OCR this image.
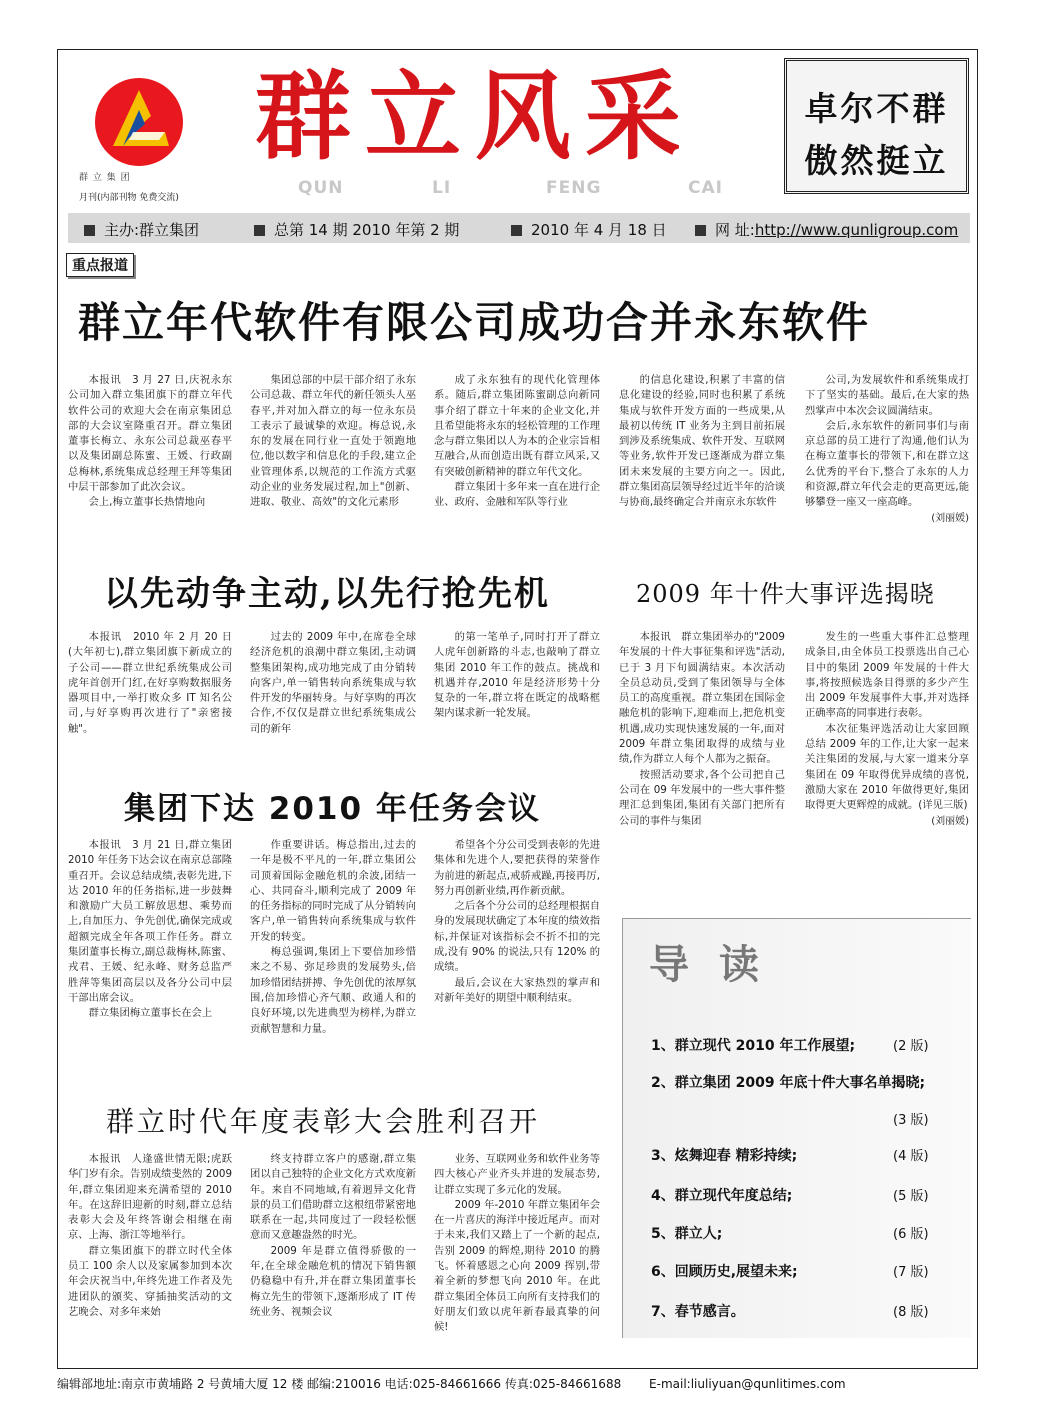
群 立 集 团
月刊(内部刊物 免费交流)
群立风采
QUN	LI	FENG	CAI
卓尔不群
傲然挺立
主办:群立集团	总第 14 期 2010 年第 2 期	2010 年 4 月 18 日	网 址:http://www.qunligroup.com
重点报道
群立年代软件有限公司成功合并永东软件

本报讯　3 月 27 日,庆祝永东公司加入群立集团旗下的群立年代软件公司的欢迎大会在南京集团总部的大会议室隆重召开。群立集团董事长梅立、永东公司总裁巫春平以及集团副总陈蜜、王媛、行政副总梅林,系统集成总经理王拜等集团中层干部参加了此次会议。

会上,梅立董事长热情地向

集团总部的中层干部介绍了永东公司总裁、群立年代的新任领头人巫春平,并对加入群立的每一位永东员工表示了最诚挚的欢迎。梅总说,永东的发展在同行业一直处于领跑地位,他以数字和信息化的手段,建立企业管理体系,以规范的工作流方式驱动企业的业务发展过程,加上"创新、进取、敬业、高效"的文化元素形

成了永东独有的现代化管理体系。随后,群立集团陈蜜副总向新同事介绍了群立十年来的企业文化,并且希望能将永东的轻松管理的工作理念与群立集团以人为本的企业宗旨相互融合,从而创造出既有群立风采,又有突破创新精神的群立年代文化。

群立集团十多年来一直在进行企业、政府、金融和军队等行业

的信息化建设,积累了丰富的信息化建设的经验,同时也积累了系统集成与软件开发方面的一些成果,从最初以传统 IT 业务为主到目前拓展到涉及系统集成、软件开发、互联网等业务,软件开发已逐渐成为群立集团未来发展的主要方向之一。因此,群立集团高层领导经过近半年的洽谈与协商,最终确定合并南京永东软件

公司,为发展软件和系统集成打下了坚实的基础。最后,在大家的热烈掌声中本次会议圆满结束。

会后,永东软件的新同事们与南京总部的员工进行了沟通,他们认为在梅立董事长的带领下,和在群立这么优秀的平台下,整合了永东的人力和资源,群立年代会走的更高更远,能够攀登一座又一座高峰。

(刘丽媛)
以先动争主动,以先行抢先机

本报讯　2010 年 2 月 20 日(大年初七),群立集团旗下新成立的子公司——群立世纪系统集成公司虎年首创开门红,在好享购数据服务器项目中,一举打败众多 IT 知名公司,与好享购再次进行了"亲密接触"。

过去的 2009 年中,在席卷全球经济危机的浪潮中群立集团,主动调整集团架构,成功地完成了由分销转向客户,单一销售转向系统集成与软件开发的华丽转身。与好享购的再次合作,不仅仅是群立世纪系统集成公司的新年

的第一笔单子,同时打开了群立人虎年创新路的斗志,也敲响了群立集团 2010 年工作的鼓点。挑战和机遇并存,2010 年是经济形势十分复杂的一年,群立将在既定的战略框架内谋求新一轮发展。

2009 年十件大事评选揭晓

本报讯　群立集团举办的"2009 年发展的十件大事征集和评选"活动,已于 3 月下旬圆满结束。本次活动全员总动员,受到了集团领导与全体员工的高度重视。群立集团在国际金融危机的影响下,迎难而上,把危机变机遇,成功实现快速发展的一年,面对 2009 年群立集团取得的成绩与业绩,作为群立人每个人都为之振奋。

按照活动要求,各个公司把自己公司在 09 年发展中的一些大事件整理汇总到集团,集团有关部门把所有公司的事件与集团

发生的一些重大事件汇总整理成条目,由全体员工投票选出自己心目中的集团 2009 年发展的十件大事,将按照候选条目得票的多少产生出 2009 年发展事件大事,并对选择正确率高的同事进行表彰。

本次征集评选活动让大家回顾总结 2009 年的工作,让大家一起来关注集团的发展,与大家一道来分享集团在 09 年取得优异成绩的喜悦,激励大家在 2010 年做得更好,集团取得更大更辉煌的成就。(详见三版)

(刘丽媛)
集团下达 2010 年任务会议

本报讯　3 月 21 日,群立集团 2010 年任务下达会议在南京总部隆重召开。会议总结成绩,表彰先进,下达 2010 年的任务指标,进一步鼓舞和激励广大员工解放思想、乘势而上,自加压力、争先创优,确保完成或超额完成全年各项工作任务。群立集团董事长梅立,副总裁梅林,陈蜜、戎君、王媛、纪永峰、财务总监严胜萍等集团高层以及各分公司中层干部出席会议。

群立集团梅立董事长在会上

作重要讲话。梅总指出,过去的一年是极不平凡的一年,群立集团公司顶着国际金融危机的余波,团结一心、共同奋斗,顺利完成了 2009 年的任务指标的同时完成了从分销转向客户,单一销售转向系统集成与软件开发的转变。

梅总强调,集团上下要倍加珍惜来之不易、弥足珍贵的发展势头,倍加珍惜团结拼搏、争先创优的浓厚氛围,倍加珍惜心齐气顺、政通人和的良好环境,以先进典型为榜样,为群立贡献智慧和力量。

希望各个分公司受到表彰的先进集体和先进个人,要把获得的荣誉作为前进的新起点,戒骄戒躁,再接再厉,努力再创新业绩,再作新贡献。

之后各个分公司的总经理根据自身的发展现状确定了本年度的绩效指标,并保证对该指标会不折不扣的完成,没有 90% 的说法,只有 120% 的成绩。

最后,会议在大家热烈的掌声和对新年美好的期望中顺利结束。

群立时代年度表彰大会胜利召开

本报讯　人逢盛世情无限;虎跃华门岁有余。告别成绩斐然的 2009 年,群立集团迎来充满希望的 2010 年。在这辞旧迎新的时刻,群立总结表彰大会及年终答谢会相继在南京、上海、浙江等地举行。

群立集团旗下的群立时代全体员工 100 余人以及家属参加到本次年会庆祝当中,年终先进工作者及先进团队的颁奖、穿插抽奖活动的文艺晚会、对多年来始

终支持群立客户的感谢,群立集团以自己独特的企业文化方式欢度新年。来自不同地域,有着迥异文化背景的员工们借助群立这根纽带紧密地联系在一起,共同度过了一段轻松惬意而又意趣盎然的时光。

2009 年是群立值得骄傲的一年,在全球金融危机的情况下销售额仍稳稳中有升,并在群立集团董事长梅立先生的带领下,逐渐形成了 IT 传统业务、视频会议

业务、互联网业务和软件业务等四大核心产业齐头并进的发展态势,让群立实现了多元化的发展。

2009 年-2010 年群立集团年会在一片喜庆的海洋中接近尾声。而对于未来,我们又踏上了一个新的起点,告别 2009 的辉煌,期待 2010 的腾飞。怀着感恩之心向 2009 挥别,带着全新的梦想飞向 2010 年。在此群立集团全体员工向所有支持我们的好朋友们致以虎年新春最真挚的问候!

导读
1、群立现代 2010 年工作展望;	(2 版)
2、群立集团 2009 年底十件大事名单揭晓;
(3 版)
3、炫舞迎春 精彩持续;	(4 版)
4、群立现代年度总结;	(5 版)
5、群立人;	(6 版)
6、回顾历史,展望未来;	(7 版)
7、春节感言。	(8 版)
编辑部地址:南京市黄埔路 2 号黄埔大厦 12 楼 邮编:210016 电话:025-84661666 传真:025-84661688 E-mail:liuliyuan@qunlitimes.com
